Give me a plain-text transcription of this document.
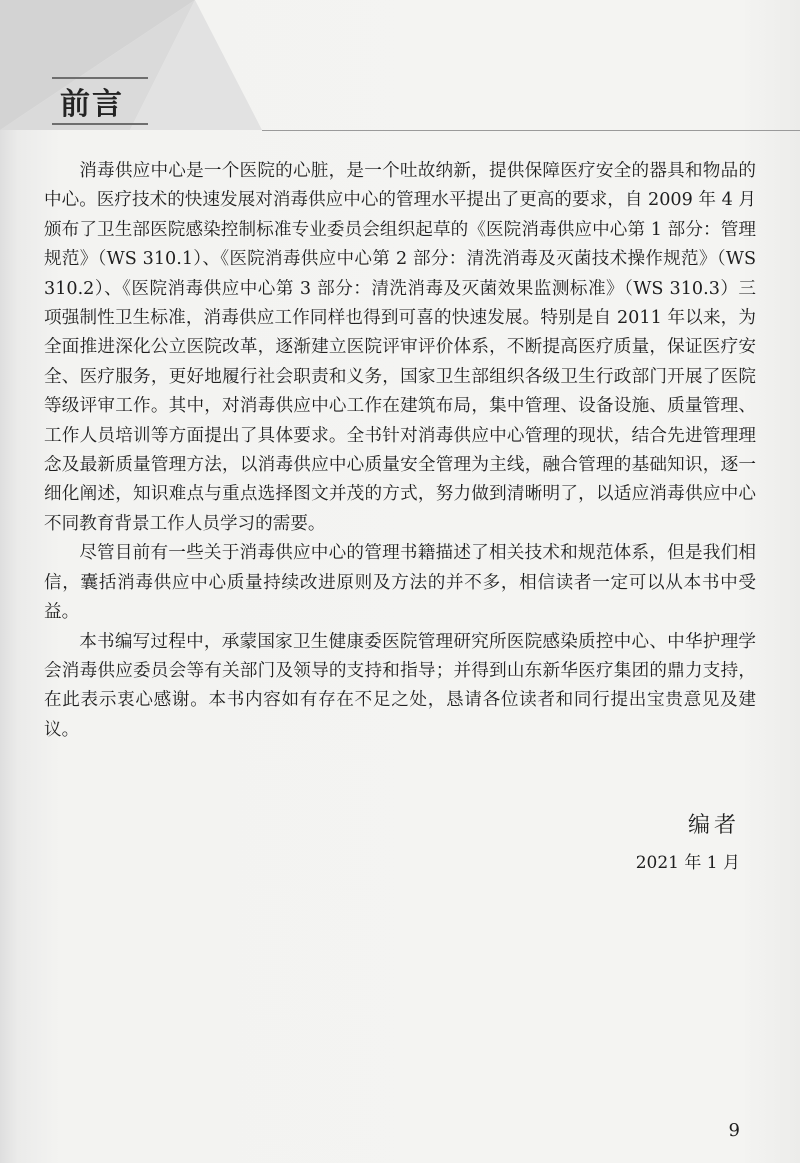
前言

消毒供应中心是一个医院的心脏，是一个吐故纳新，提供保障医疗安全的器具和物品的中心。医疗技术的快速发展对消毒供应中心的管理水平提出了更高的要求，自 2009 年 4 月颁布了卫生部医院感染控制标准专业委员会组织起草的《医院消毒供应中心第 1 部分：管理规范》（WS 310.1）、《医院消毒供应中心第 2 部分：清洗消毒及灭菌技术操作规范》（WS 310.2）、《医院消毒供应中心第 3 部分：清洗消毒及灭菌效果监测标准》（WS 310.3）三项强制性卫生标准，消毒供应工作同样也得到可喜的快速发展。特别是自 2011 年以来，为全面推进深化公立医院改革，逐渐建立医院评审评价体系，不断提高医疗质量，保证医疗安全、医疗服务，更好地履行社会职责和义务，国家卫生部组织各级卫生行政部门开展了医院等级评审工作。其中，对消毒供应中心工作在建筑布局，集中管理、设备设施、质量管理、工作人员培训等方面提出了具体要求。全书针对消毒供应中心管理的现状，结合先进管理理念及最新质量管理方法，以消毒供应中心质量安全管理为主线，融合管理的基础知识，逐一细化阐述，知识难点与重点选择图文并茂的方式，努力做到清晰明了，以适应消毒供应中心不同教育背景工作人员学习的需要。

尽管目前有一些关于消毒供应中心的管理书籍描述了相关技术和规范体系，但是我们相信，囊括消毒供应中心质量持续改进原则及方法的并不多，相信读者一定可以从本书中受益。

本书编写过程中，承蒙国家卫生健康委医院管理研究所医院感染质控中心、中华护理学会消毒供应委员会等有关部门及领导的支持和指导；并得到山东新华医疗集团的鼎力支持，在此表示衷心感谢。本书内容如有存在不足之处，恳请各位读者和同行提出宝贵意见及建议。

编者

2021 年 1 月

9
